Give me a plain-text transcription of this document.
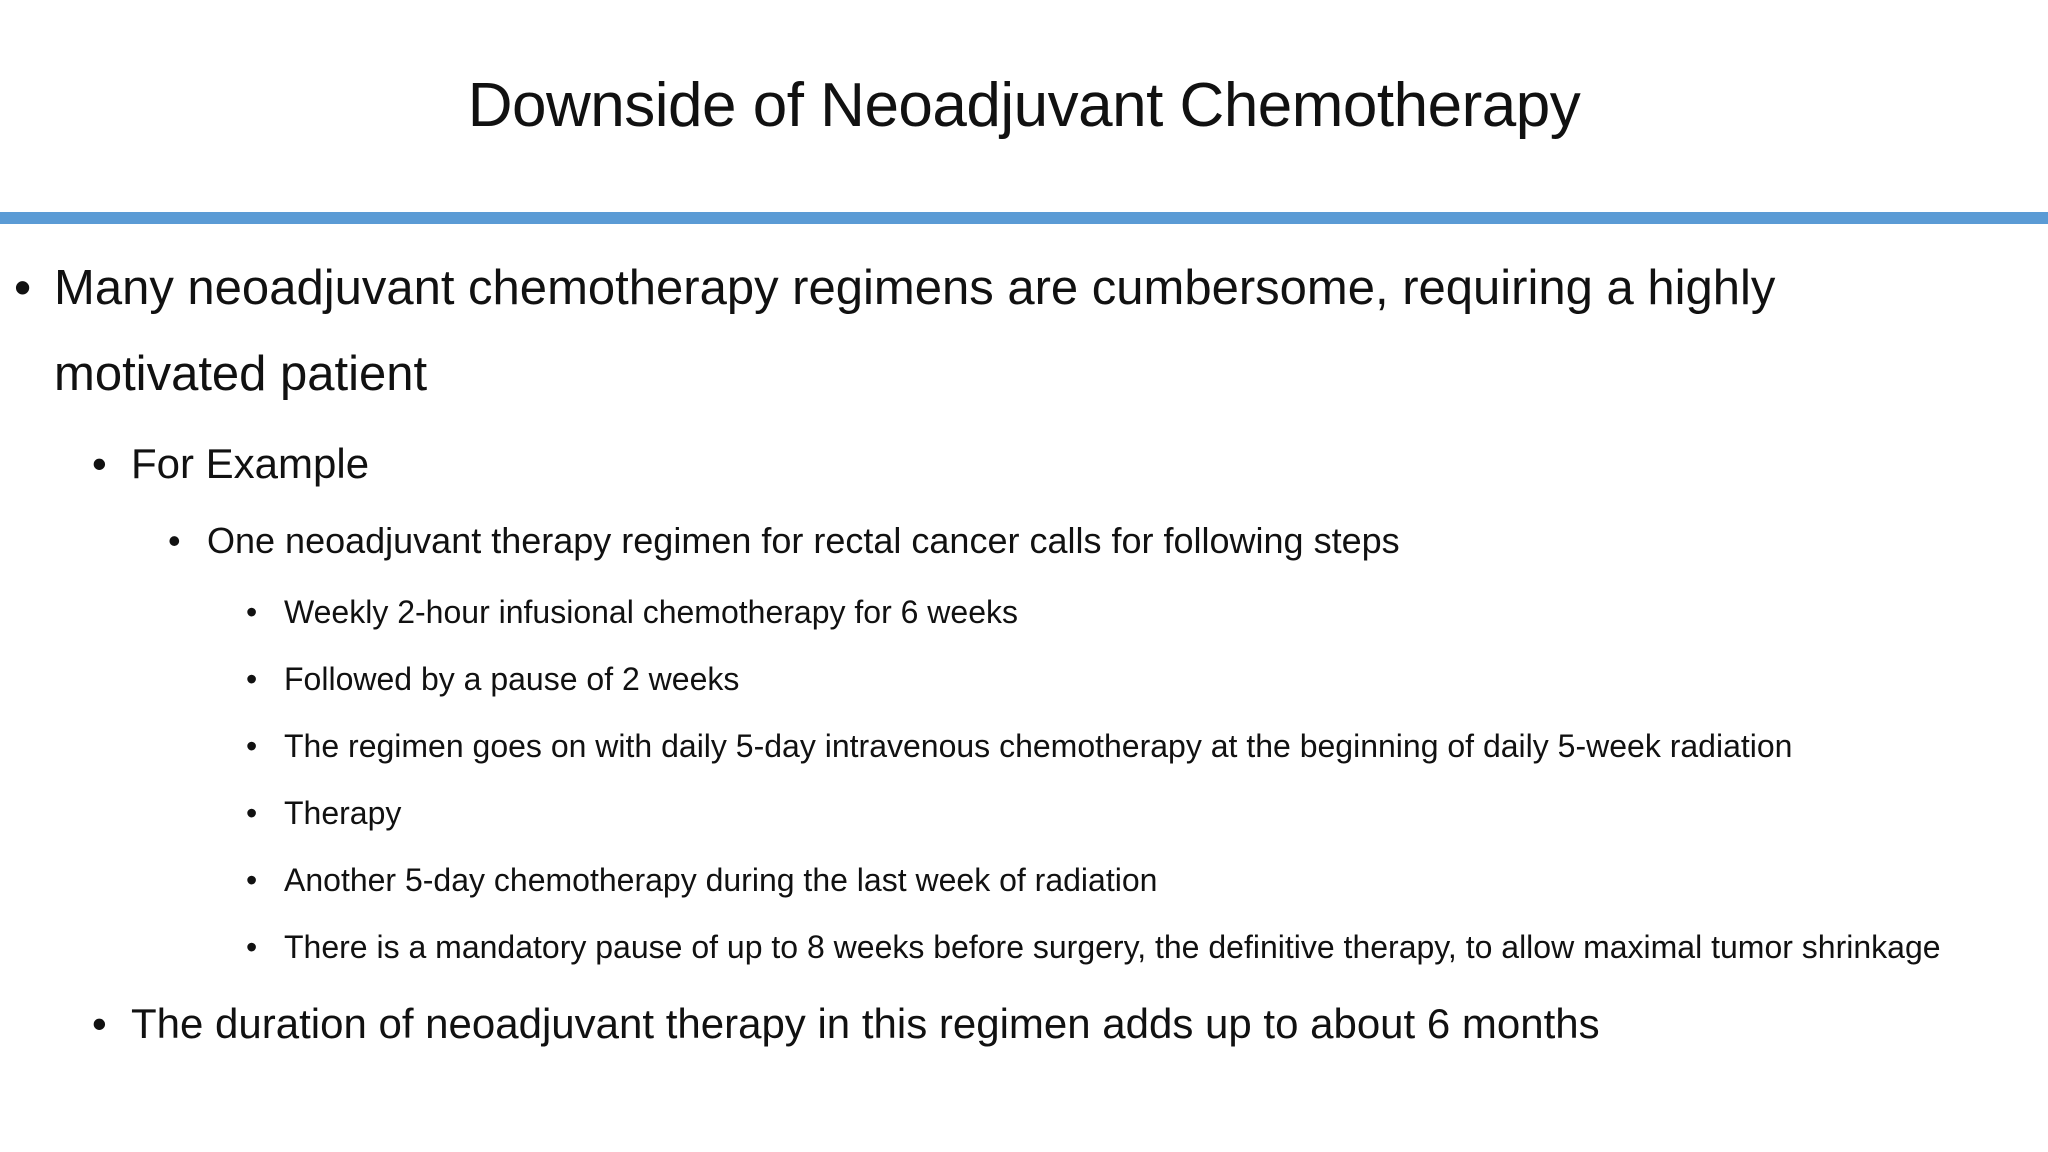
Downside of Neoadjuvant Chemotherapy
• Many neoadjuvant chemotherapy regimens are cumbersome, requiring a highly
motivated patient
• For Example
• One neoadjuvant therapy regimen for rectal cancer calls for following steps
• Weekly 2-hour infusional chemotherapy for 6 weeks
• Followed by a pause of 2 weeks
• The regimen goes on with daily 5-day intravenous chemotherapy at the beginning of daily 5-week radiation
• Therapy
• Another 5-day chemotherapy during the last week of radiation
• There is a mandatory pause of up to 8 weeks before surgery, the definitive therapy, to allow maximal tumor shrinkage
• The duration of neoadjuvant therapy in this regimen adds up to about 6 months
